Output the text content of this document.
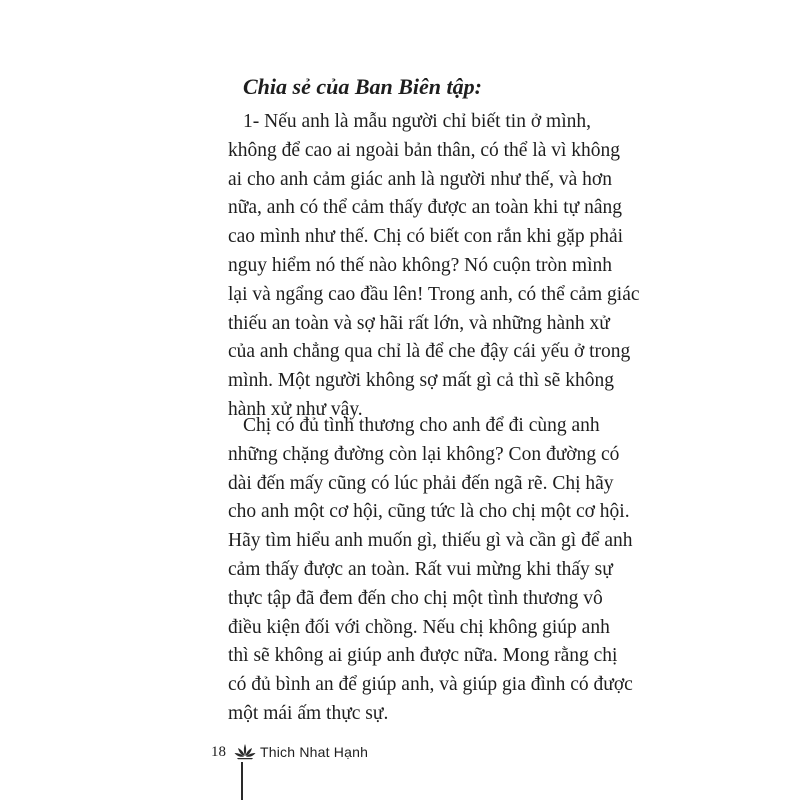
Chia sẻ của Ban Biên tập:

1- Nếu anh là mẫu người chỉ biết tin ở mình,
không để cao ai ngoài bản thân, có thể là vì không
ai cho anh cảm giác anh là người như thế, và hơn
nữa, anh có thể cảm thấy được an toàn khi tự nâng
cao mình như thế. Chị có biết con rắn khi gặp phải
nguy hiểm nó thế nào không? Nó cuộn tròn mình
lại và ngẩng cao đầu lên! Trong anh, có thể cảm giác
thiếu an toàn và sợ hãi rất lớn, và những hành xử
của anh chẳng qua chỉ là để che đậy cái yếu ở trong
mình. Một người không sợ mất gì cả thì sẽ không
hành xử như vậy.

Chị có đủ tình thương cho anh để đi cùng anh
những chặng đường còn lại không? Con đường có
dài đến mấy cũng có lúc phải đến ngã rẽ. Chị hãy
cho anh một cơ hội, cũng tức là cho chị một cơ hội.
Hãy tìm hiểu anh muốn gì, thiếu gì và cần gì để anh
cảm thấy được an toàn. Rất vui mừng khi thấy sự
thực tập đã đem đến cho chị một tình thương vô
điều kiện đối với chồng. Nếu chị không giúp anh
thì sẽ không ai giúp anh được nữa. Mong rằng chị
có đủ bình an để giúp anh, và giúp gia đình có được
một mái ấm thực sự.

18 Thich Nhat Hạnh
